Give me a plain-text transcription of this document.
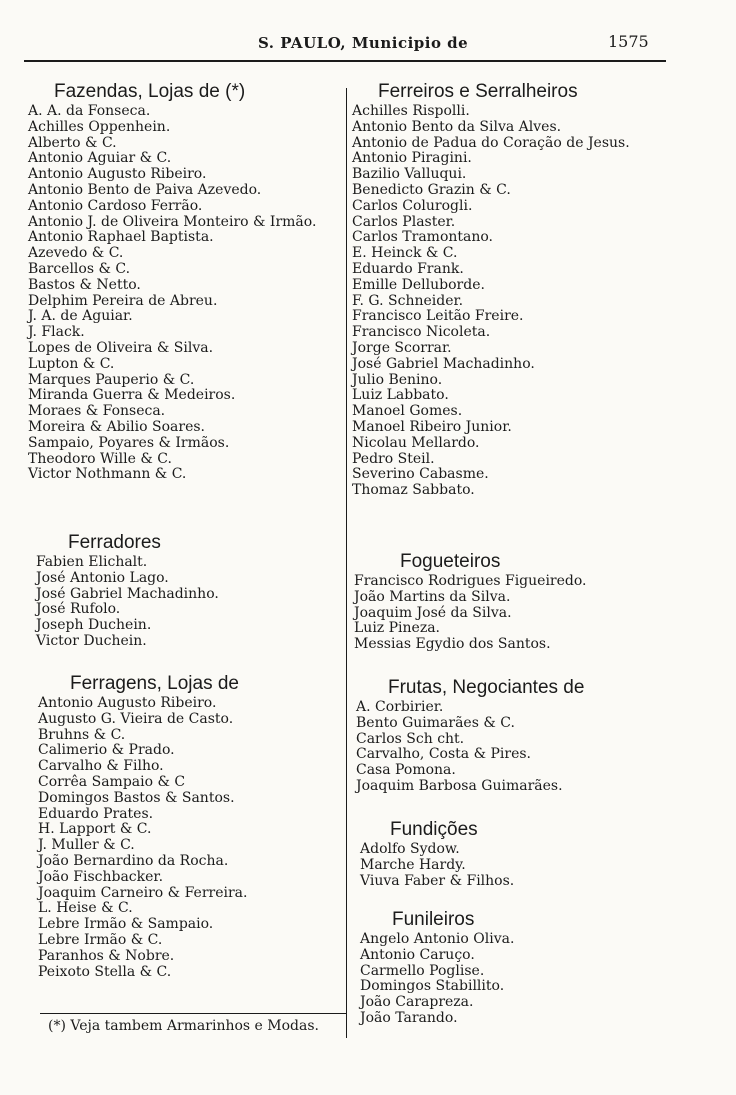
S. PAULO, Municipio de	1575
Fazendas, Lojas de (*)
A. A. da Fonseca.
Achilles Oppenhein.
Alberto & C.
Antonio Aguiar & C.
Antonio Augusto Ribeiro.
Antonio Bento de Paiva Azevedo.
Antonio Cardoso Ferrão.
Antonio J. de Oliveira Monteiro & Irmão.
Antonio Raphael Baptista.
Azevedo & C.
Barcellos & C.
Bastos & Netto.
Delphim Pereira de Abreu.
J. A. de Aguiar.
J. Flack.
Lopes de Oliveira & Silva.
Lupton & C.
Marques Pauperio & C.
Miranda Guerra & Medeiros.
Moraes & Fonseca.
Moreira & Abilio Soares.
Sampaio, Poyares & Irmãos.
Theodoro Wille & C.
Victor Nothmann & C.
Ferradores
Fabien Elichalt.
José Antonio Lago.
José Gabriel Machadinho.
José Rufolo.
Joseph Duchein.
Victor Duchein.
Ferragens, Lojas de
Antonio Augusto Ribeiro.
Augusto G. Vieira de Casto.
Bruhns & C.
Calimerio & Prado.
Carvalho & Filho.
Corrêa Sampaio & C
Domingos Bastos & Santos.
Eduardo Prates.
H. Lapport & C.
J. Muller & C.
João Bernardino da Rocha.
João Fischbacker.
Joaquim Carneiro & Ferreira.
L. Heise & C.
Lebre Irmão & Sampaio.
Lebre Irmão & C.
Paranhos & Nobre.
Peixoto Stella & C.
Ferreiros e Serralheiros
Achilles Rispolli.
Antonio Bento da Silva Alves.
Antonio de Padua do Coração de Jesus.
Antonio Piragini.
Bazilio Valluqui.
Benedicto Grazin & C.
Carlos Colurogli.
Carlos Plaster.
Carlos Tramontano.
E. Heinck & C.
Eduardo Frank.
Emille Delluborde.
F. G. Schneider.
Francisco Leitão Freire.
Francisco Nicoleta.
Jorge Scorrar.
José Gabriel Machadinho.
Julio Benino.
Luiz Labbato.
Manoel Gomes.
Manoel Ribeiro Junior.
Nicolau Mellardo.
Pedro Steil.
Severino Cabasme.
Thomaz Sabbato.
Fogueteiros
Francisco Rodrigues Figueiredo.
João Martins da Silva.
Joaquim José da Silva.
Luiz Pineza.
Messias Egydio dos Santos.
Frutas, Negociantes de
A. Corbirier.
Bento Guimarães & C.
Carlos Sch cht.
Carvalho, Costa & Pires.
Casa Pomona.
Joaquim Barbosa Guimarães.
Fundições
Adolfo Sydow.
Marche Hardy.
Viuva Faber & Filhos.
Funileiros
Angelo Antonio Oliva.
Antonio Caruço.
Carmello Poglise.
Domingos Stabillito.
João Carapreza.
João Tarando.
(*) Veja tambem Armarinhos e Modas.
